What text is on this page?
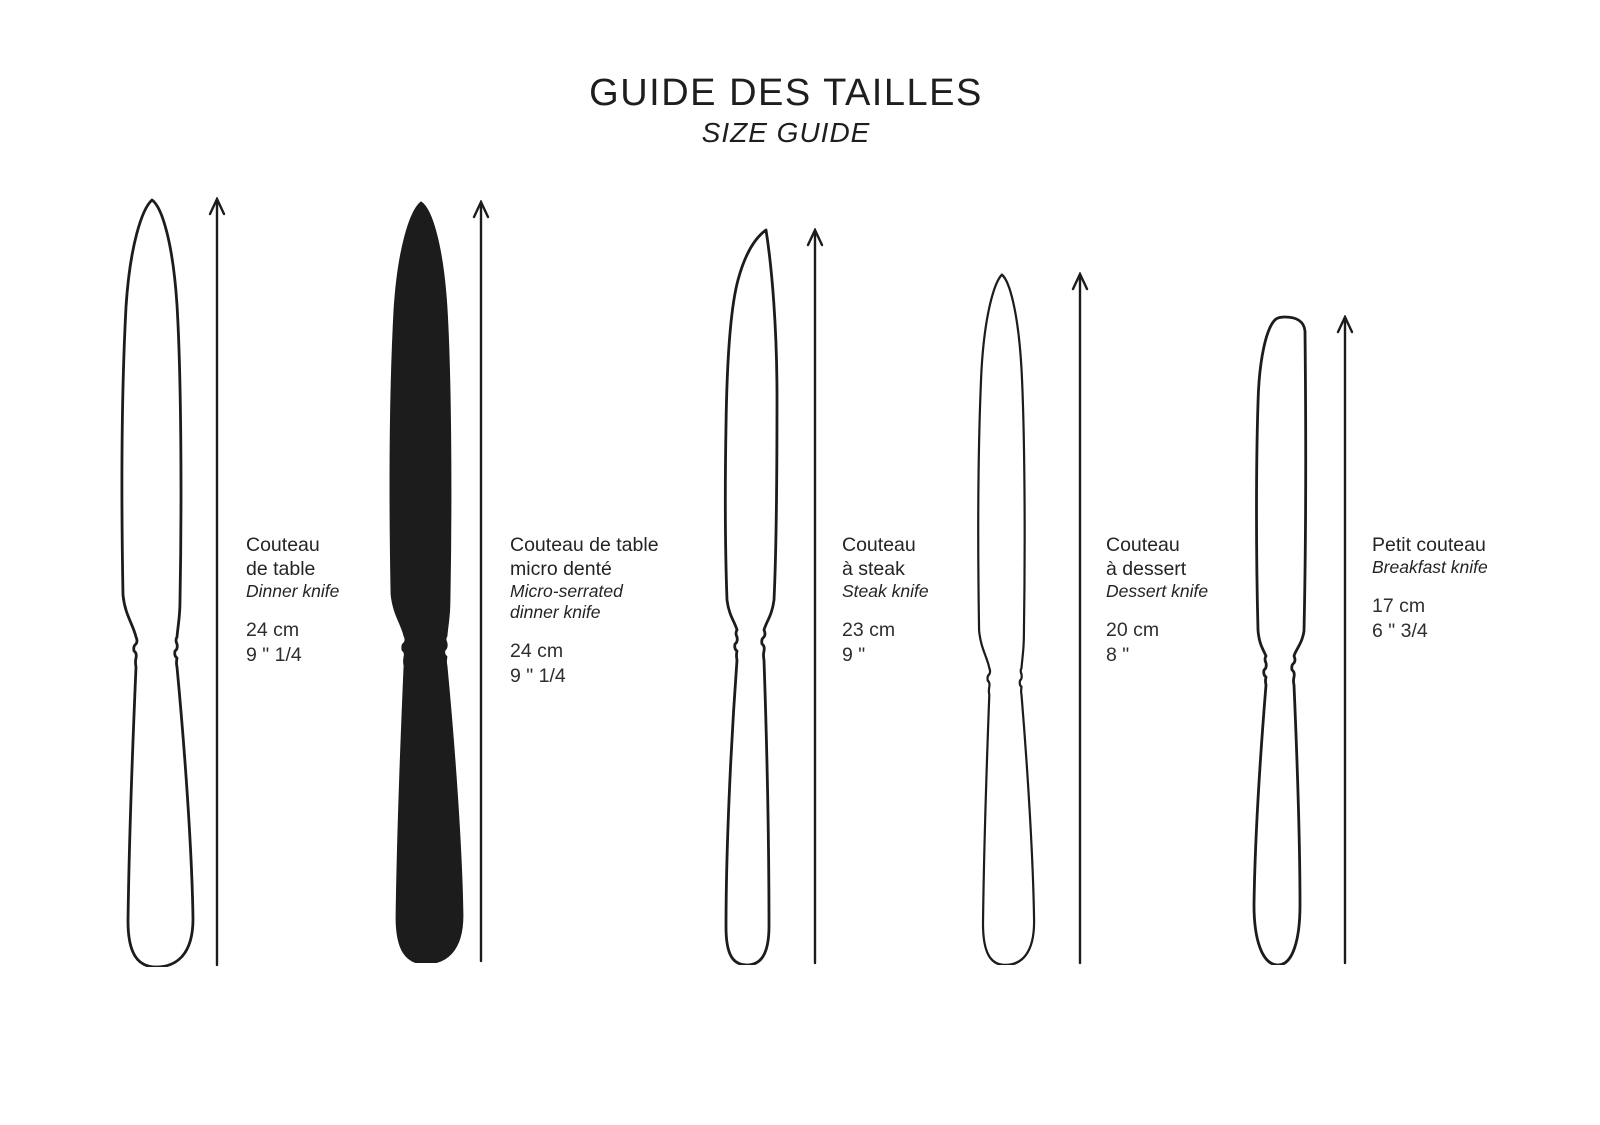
GUIDE DES TAILLES
SIZE GUIDE
Couteau
de table
Dinner knife
24 cm
9 " 1/4
Couteau de table
micro denté
Micro-serrated
dinner knife
24 cm
9 " 1/4
Couteau
à steak
Steak knife
23 cm
9 "
Couteau
à dessert
Dessert knife
20 cm
8 "
Petit couteau
Breakfast knife
17 cm
6 " 3/4
